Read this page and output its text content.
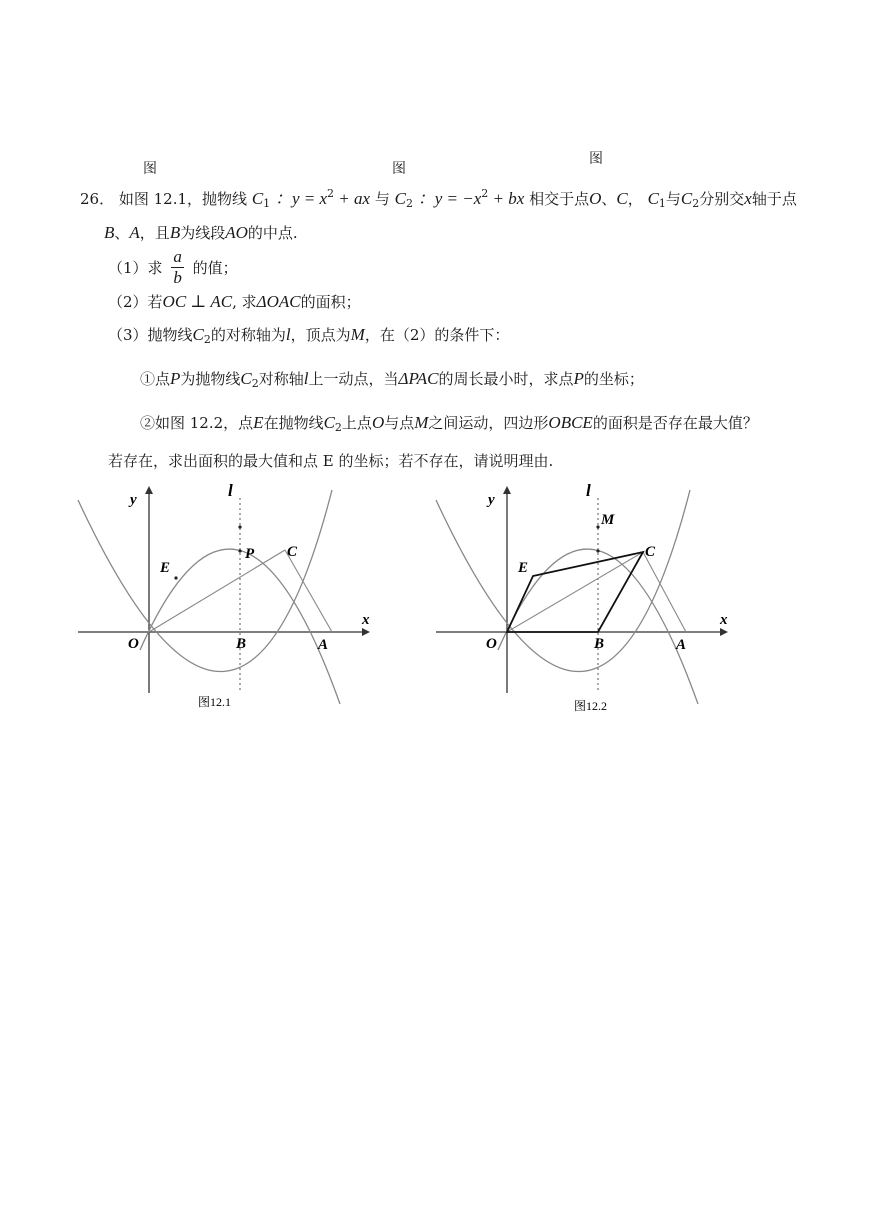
图	图
图
26． 如图 12.1，抛物线 $C_1$ ：$y = x^2$ + ax 与 $C_2$ ：$y = -x^2$ + bx 相交于点O、C， $C_1$与$C_2$分别交x轴于点
B、A，且B为线段AO的中点.
（1）求 $\frac{a}{b}$ 的值；
（2）若OC ⊥ AC, 求ΔOAC的面积；
（3）抛物线$C_2$的对称轴为l，顶点为M，在（2）的条件下：
①点P为抛物线$C_2$对称轴l上一动点，当ΔPAC的周长最小时，求点P的坐标；
②如图 12.2，点E在抛物线$C_2$上点O与点M之间运动，四边形OBCE的面积是否存在最大值？
若存在，求出面积的最大值和点 E 的坐标；若不存在，请说明理由.
y	l
x
O	B	A
E
P C
图12.1
y	l
x
O	B	A
E
M
C
图12.2
